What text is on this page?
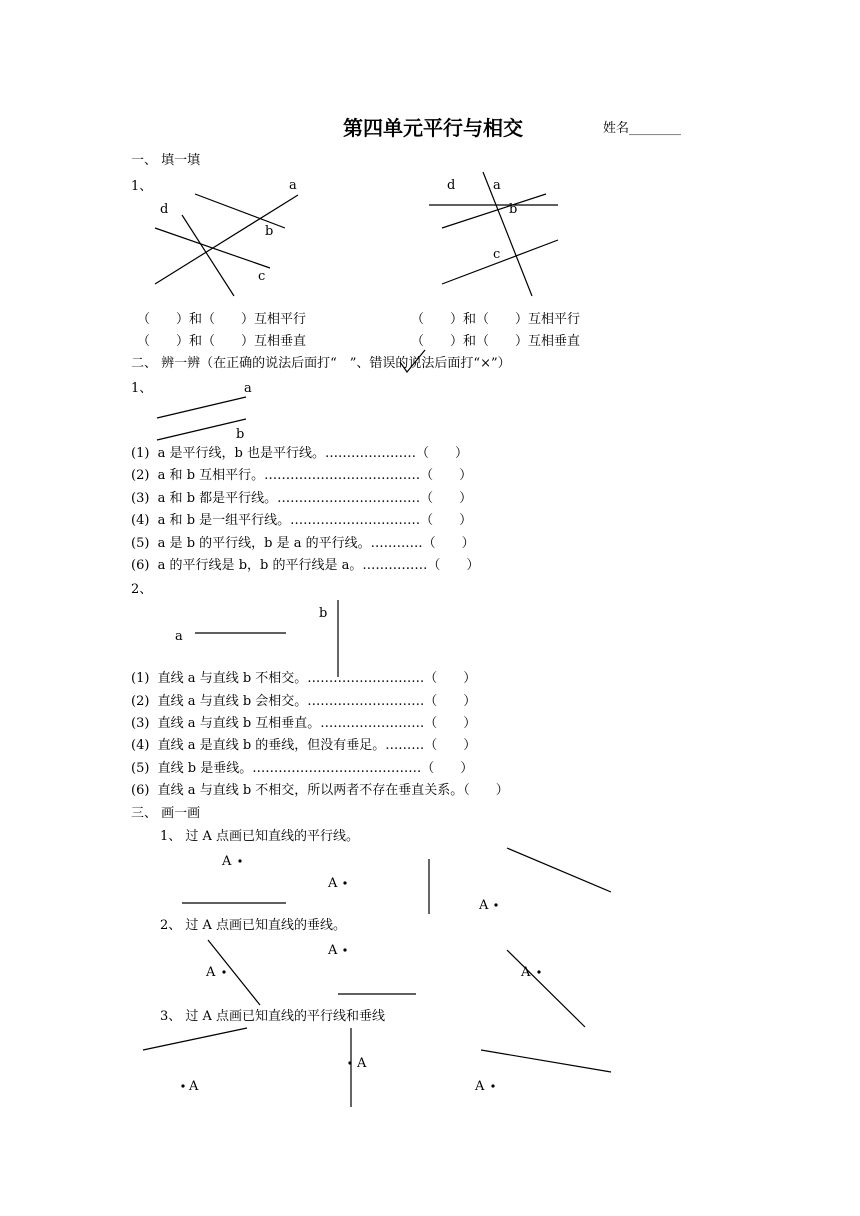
第四单元平行与相交	姓名________
一、 填一填
1、	a
d
b
c
d	a
b
c
（　　）和（　　）互相平行	（　　）和（　　）互相平行
（　　）和（　　）互相垂直	（　　）和（　　）互相垂直
二、 辨一辨（在正确的说法后面打“　”、错误的说法后面打“×”）
1、	a
b
(1)  a 是平行线，b 也是平行线。…………………（　　）
(2)  a 和 b 互相平行。………………………………（　　）
(3)  a 和 b 都是平行线。……………………………（　　）
(4)  a 和 b 是一组平行线。…………………………（　　）
(5)  a 是 b 的平行线，b 是 a 的平行线。…………（　　）
(6)  a 的平行线是 b，b 的平行线是 a。……………（　　）
2、
b
a
(1)  直线 a 与直线 b 不相交。………………………（　　）
(2)  直线 a 与直线 b 会相交。………………………（　　）
(3)  直线 a 与直线 b 互相垂直。……………………（　　）
(4)  直线 a 是直线 b 的垂线，但没有垂足。………（　　）
(5)  直线 b 是垂线。…………………………………（　　）
(6)  直线 a 与直线 b 不相交，所以两者不存在垂直关系。（　　）
三、 画一画
1、 过 A 点画已知直线的平行线。
A
A
A
2、 过 A 点画已知直线的垂线。
A
A	A
3、 过 A 点画已知直线的平行线和垂线
A
A	A
